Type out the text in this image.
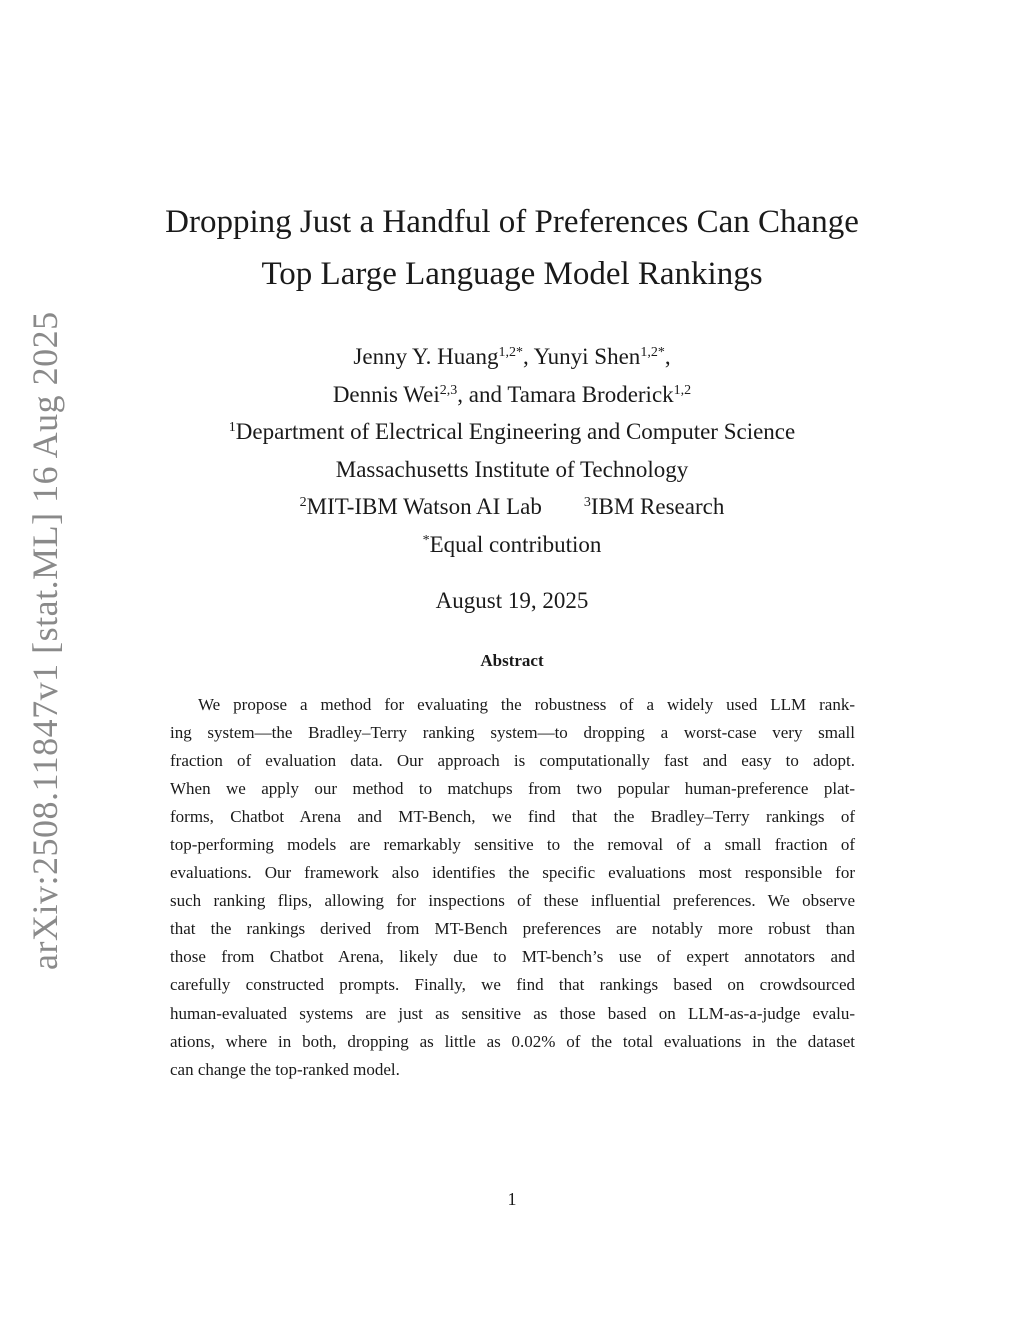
arXiv:2508.11847v1 [stat.ML] 16 Aug 2025
Dropping Just a Handful of Preferences Can Change
Top Large Language Model Rankings
Jenny Y. Huang$^{1,2*}$, Yunyi Shen$^{1,2*}$,
Dennis Wei$^{2,3}$, and Tamara Broderick$^{1,2}$
$^1$Department of Electrical Engineering and Computer Science
Massachusetts Institute of Technology
$^2$MIT-IBM Watson AI Lab	$^3$IBM Research
*Equal contribution
August 19, 2025
Abstract
We propose a method for evaluating the robustness of a widely used LLM rank-
ing system—the Bradley–Terry ranking system—to dropping a worst-case very small
fraction of evaluation data. Our approach is computationally fast and easy to adopt.
When we apply our method to matchups from two popular human-preference plat-
forms, Chatbot Arena and MT-Bench, we find that the Bradley–Terry rankings of
top-performing models are remarkably sensitive to the removal of a small fraction of
evaluations. Our framework also identifies the specific evaluations most responsible for
such ranking flips, allowing for inspections of these influential preferences. We observe
that the rankings derived from MT-Bench preferences are notably more robust than
those from Chatbot Arena, likely due to MT-bench’s use of expert annotators and
carefully constructed prompts. Finally, we find that rankings based on crowdsourced
human-evaluated systems are just as sensitive as those based on LLM-as-a-judge evalu-
ations, where in both, dropping as little as 0.02% of the total evaluations in the dataset
can change the top-ranked model.
1
